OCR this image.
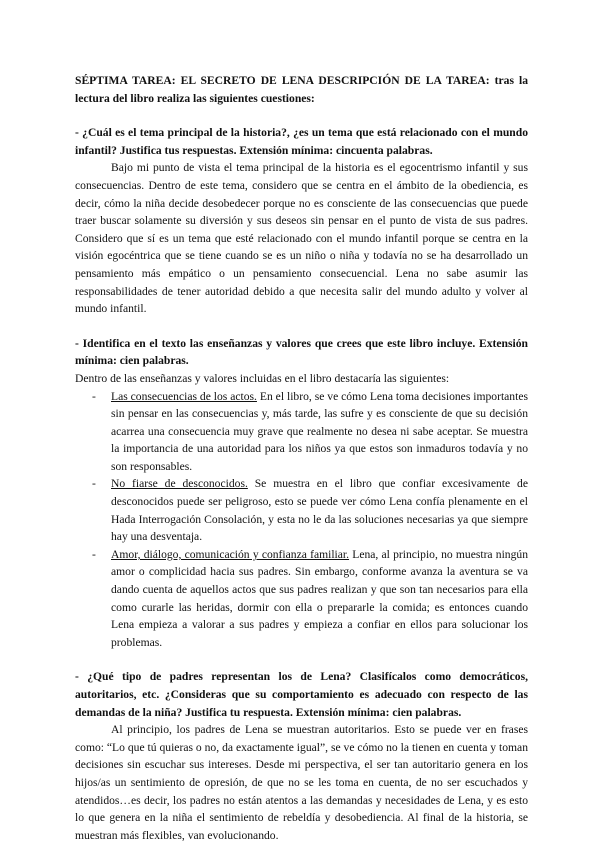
SÉPTIMA TAREA: EL SECRETO DE LENA DESCRIPCIÓN DE LA TAREA: tras la lectura del libro realiza las siguientes cuestiones:

- ¿Cuál es el tema principal de la historia?, ¿es un tema que está relacionado con el mundo infantil? Justifica tus respuestas. Extensión mínima: cincuenta palabras.

Bajo mi punto de vista el tema principal de la historia es el egocentrismo infantil y sus consecuencias. Dentro de este tema, considero que se centra en el ámbito de la obediencia, es decir, cómo la niña decide desobedecer porque no es consciente de las consecuencias que puede traer buscar solamente su diversión y sus deseos sin pensar en el punto de vista de sus padres. Considero que sí es un tema que esté relacionado con el mundo infantil porque se centra en la visión egocéntrica que se tiene cuando se es un niño o niña y todavía no se ha desarrollado un pensamiento más empático o un pensamiento consecuencial. Lena no sabe asumir las responsabilidades de tener autoridad debido a que necesita salir del mundo adulto y volver al mundo infantil.

- Identifica en el texto las enseñanzas y valores que crees que este libro incluye. Extensión mínima: cien palabras.

Dentro de las enseñanzas y valores incluidas en el libro destacaría las siguientes:

- Las consecuencias de los actos. En el libro, se ve cómo Lena toma decisiones importantes sin pensar en las consecuencias y, más tarde, las sufre y es consciente de que su decisión acarrea una consecuencia muy grave que realmente no desea ni sabe aceptar. Se muestra la importancia de una autoridad para los niños ya que estos son inmaduros todavía y no son responsables.
- No fiarse de desconocidos. Se muestra en el libro que confiar excesivamente de desconocidos puede ser peligroso, esto se puede ver cómo Lena confía plenamente en el Hada Interrogación Consolación, y esta no le da las soluciones necesarias ya que siempre hay una desventaja.
- Amor, diálogo, comunicación y confianza familiar. Lena, al principio, no muestra ningún amor o complicidad hacia sus padres. Sin embargo, conforme avanza la aventura se va dando cuenta de aquellos actos que sus padres realizan y que son tan necesarios para ella como curarle las heridas, dormir con ella o prepararle la comida; es entonces cuando Lena empieza a valorar a sus padres y empieza a confiar en ellos para solucionar los problemas.

- ¿Qué tipo de padres representan los de Lena? Clasifícalos como democráticos, autoritarios, etc. ¿Consideras que su comportamiento es adecuado con respecto de las demandas de la niña? Justifica tu respuesta. Extensión mínima: cien palabras.

Al principio, los padres de Lena se muestran autoritarios. Esto se puede ver en frases como: “Lo que tú quieras o no, da exactamente igual”, se ve cómo no la tienen en cuenta y toman decisiones sin escuchar sus intereses. Desde mi perspectiva, el ser tan autoritario genera en los hijos/as un sentimiento de opresión, de que no se les toma en cuenta, de no ser escuchados y atendidos…es decir, los padres no están atentos a las demandas y necesidades de Lena, y es esto lo que genera en la niña el sentimiento de rebeldía y desobediencia. Al final de la historia, se muestran más flexibles, van evolucionando.
